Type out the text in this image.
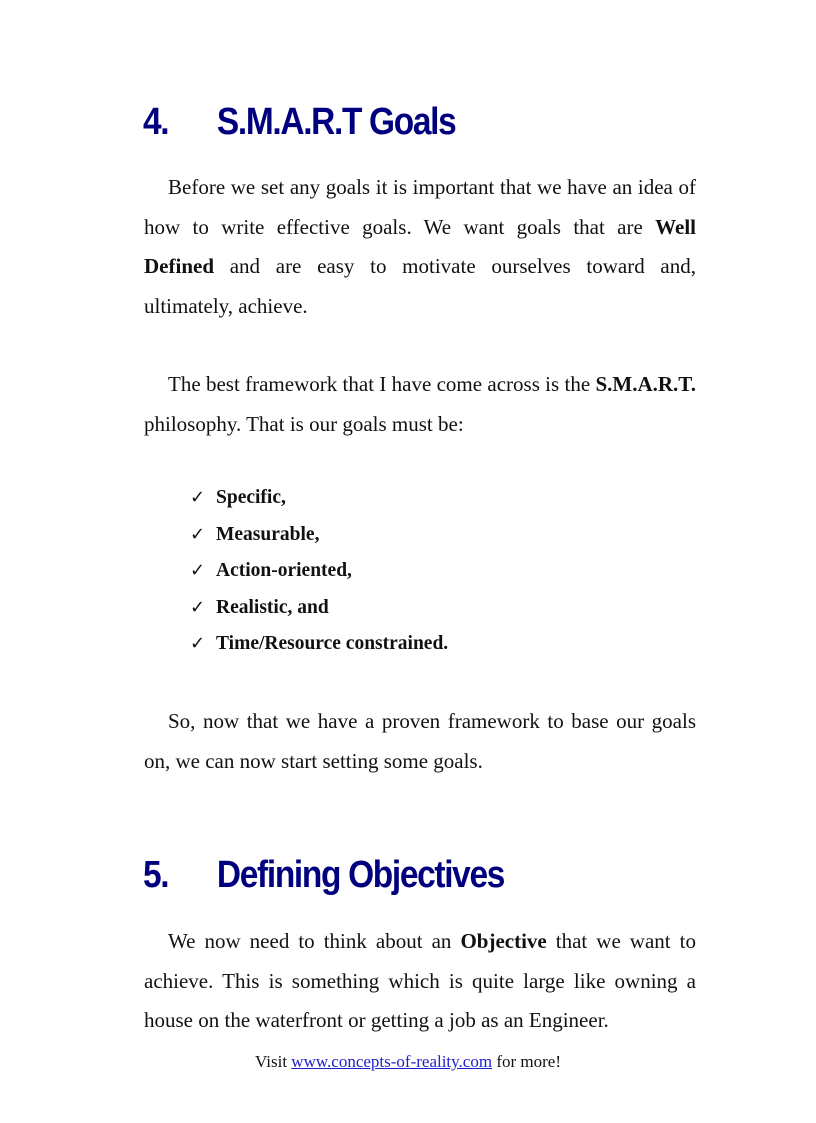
4. S.M.A.R.T Goals

Before we set any goals it is important that we have an idea of how to write effective goals. We want goals that are Well Defined and are easy to motivate ourselves toward and, ultimately, achieve.

The best framework that I have come across is the S.M.A.R.T. philosophy. That is our goals must be:

✓ Specific,
✓ Measurable,
✓ Action-oriented,
✓ Realistic, and
✓ Time/Resource constrained.

So, now that we have a proven framework to base our goals on, we can now start setting some goals.

5. Defining Objectives

We now need to think about an Objective that we want to achieve. This is something which is quite large like owning a house on the waterfront or getting a job as an Engineer.

Visit www.concepts-of-reality.com for more!
